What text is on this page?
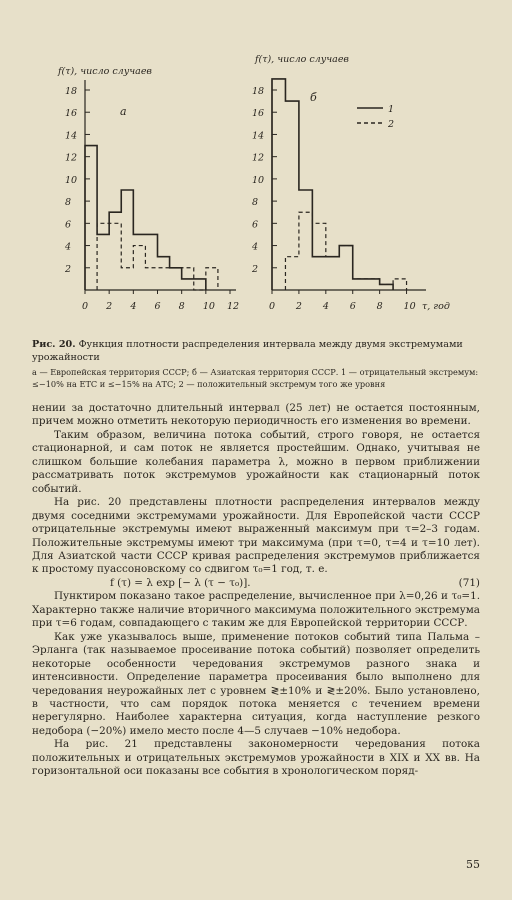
2
4
6
8
10
12
14
16
18
0 2 4 6 8 10 12
f(τ), число случаев
a
2
4
6
8
10
12
14
16
18
0 2 4 6 8 10
f(τ), число случаев
τ, год
б
1
2
Рис. 20. Функция плотности распределения интервала между двумя экстремумами урожайности
а — Европейская территория СССР; б — Азиатская территория СССР. 1 — отрицательный экстремум: ≤−10% на ЕТС и ≤−15% на АТС; 2 — положительный экстремум того же уровня

нении за достаточно длительный интервал (25 лет) не остается постоянным, причем можно отметить некоторую периодичность его изменения во времени.

Таким образом, величина потока событий, строго говоря, не остается стационарной, и сам поток не является простейшим. Однако, учитывая не слишком большие колебания параметра λ, можно в первом приближении рассматривать поток экстремумов урожайности как стационарный поток событий.

На рис. 20 представлены плотности распределения интервалов между двумя соседними экстремумами урожайности. Для Европейской части СССР отрицательные экстремумы имеют выраженный максимум при τ=2–3 годам. Положительные экстремумы имеют три максимума (при τ=0, τ=4 и τ=10 лет). Для Азиатской части СССР кривая распределения экстремумов приближается к простому пуассоновскому со сдвигом τ₀=1 год, т. е.

f (τ) = λ exp [− λ (τ − τ₀)].	(71)

Пунктиром показано такое распределение, вычисленное при λ=0,26 и τ₀=1. Характерно также наличие вторичного максимума положительного экстремума при τ=6 годам, совпадающего с таким же для Европейской территории СССР.

Как уже указывалось выше, применение потоков событий типа Пальма – Эрланга (так называемое просеивание потока событий) позволяет определить некоторые особенности чередования экстремумов разного знака и интенсивности. Определение параметра просеивания было выполнено для чередования неурожайных лет с уровнем ≷±10% и ≷±20%. Было установлено, в частности, что сам порядок потока меняется с течением времени нерегулярно. Наиболее характерна ситуация, когда наступление резкого недобора (−20%) имело место после 4—5 случаев −10% недобора.

На рис. 21 представлены закономерности чередования потока положительных и отрицательных экстремумов урожайности в XIX и XX вв. На горизонтальной оси показаны все события в хронологическом поряд-

55
